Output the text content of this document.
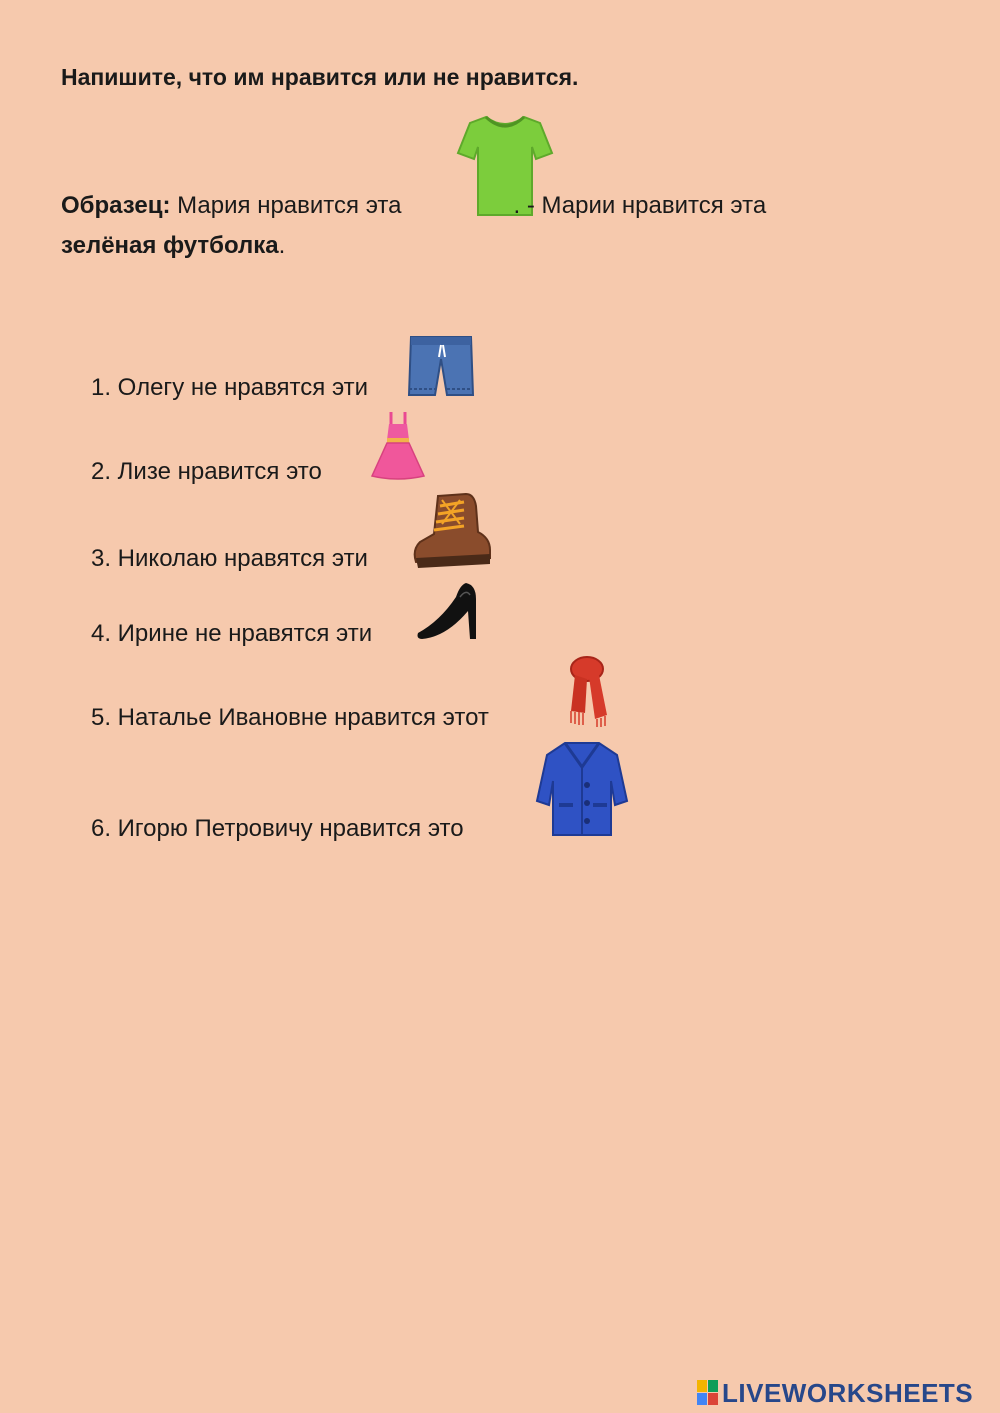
Напишите, что им нравится или не нравится.

Образец: Мария нравится эта	. - Марии нравится эта
зелёная футболка.
1. Олегу не нравятся эти
2. Лизе нравится это
3. Николаю нравятся эти
4. Ирине не нравятся эти
5. Наталье Ивановне нравится этот
6. Игорю Петровичу нравится это
LIVEWORKSHEETS
